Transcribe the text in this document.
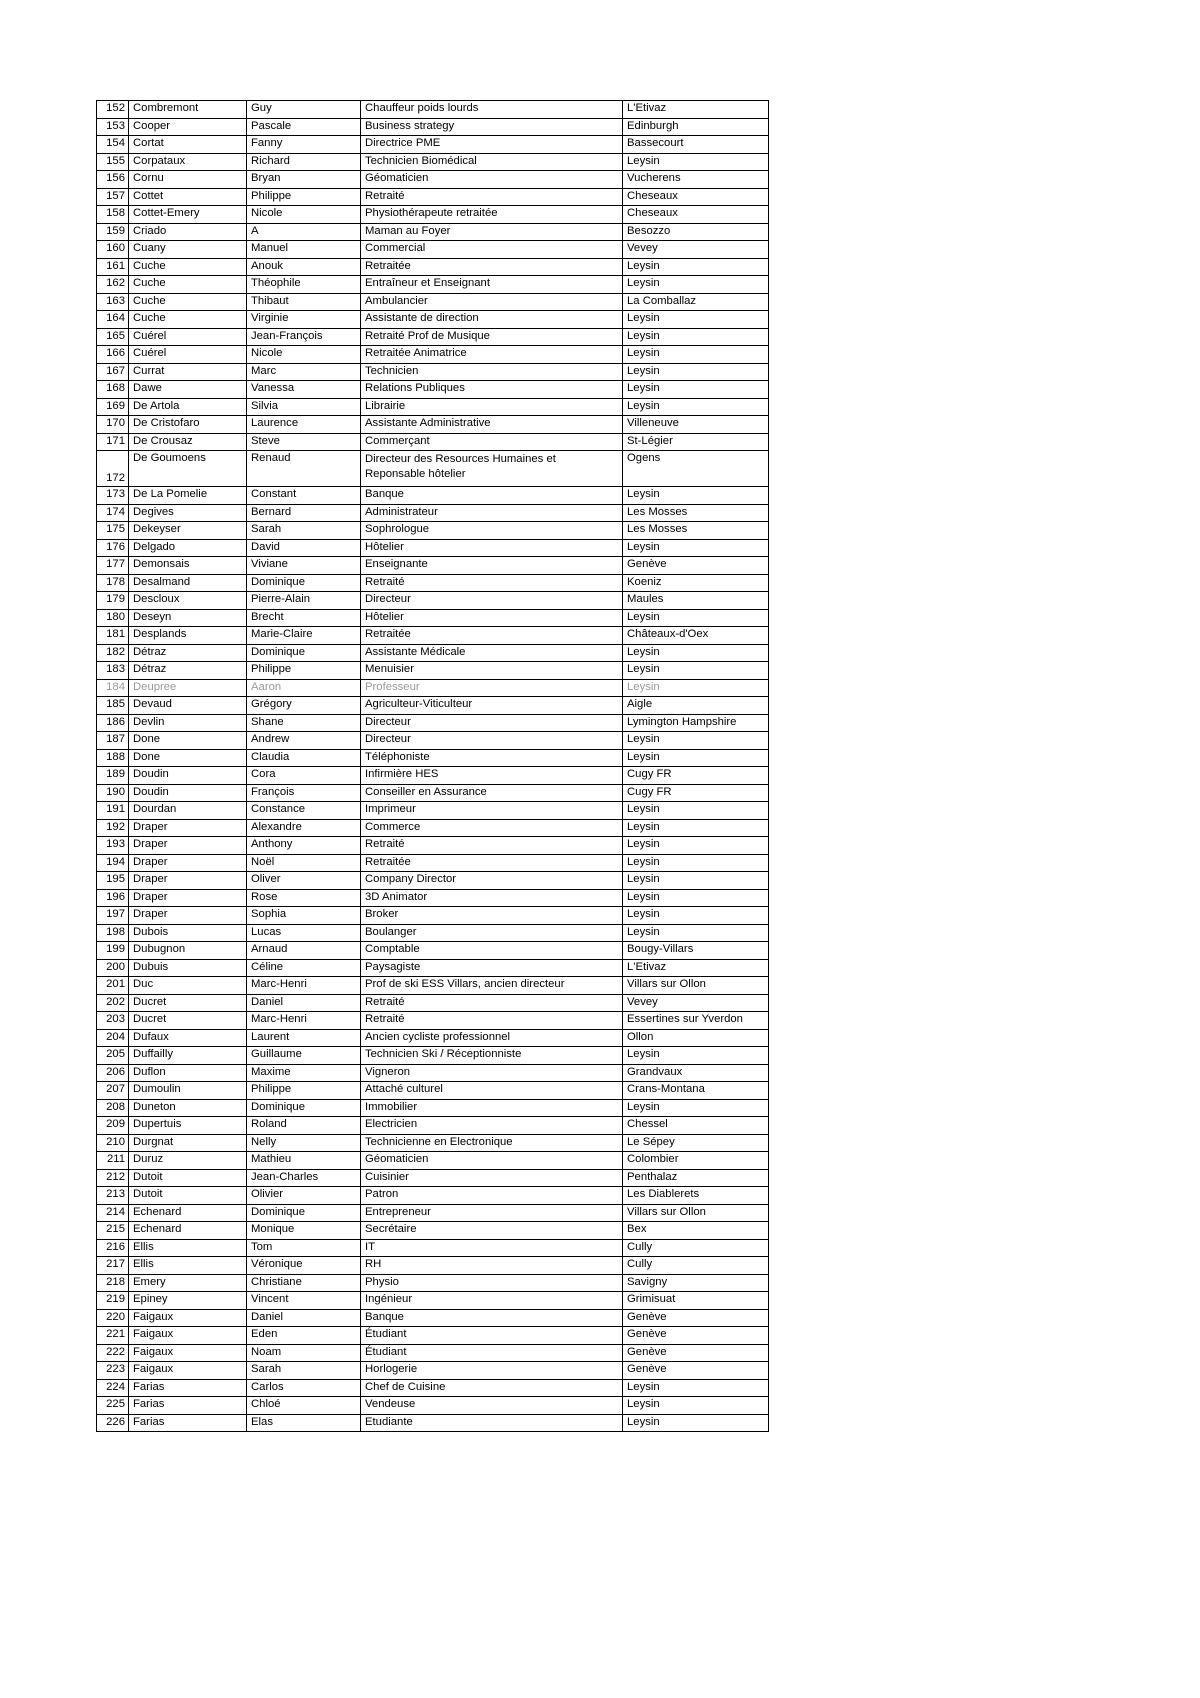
152	Combremont	Guy	Chauffeur poids lourds	L'Etivaz
153	Cooper	Pascale	Business strategy	Edinburgh
154	Cortat	Fanny	Directrice PME	Bassecourt
155	Corpataux	Richard	Technicien Biomédical	Leysin
156	Cornu	Bryan	Géomaticien	Vucherens
157	Cottet	Philippe	Retraité	Cheseaux
158	Cottet-Emery	Nicole	Physiothérapeute retraitée	Cheseaux
159	Criado	A	Maman au Foyer	Besozzo
160	Cuany	Manuel	Commercial	Vevey
161	Cuche	Anouk	Retraitée	Leysin
162	Cuche	Théophile	Entraîneur et Enseignant	Leysin
163	Cuche	Thibaut	Ambulancier	La Comballaz
164	Cuche	Virginie	Assistante de direction	Leysin
165	Cuérel	Jean-François	Retraité Prof de Musique	Leysin
166	Cuérel	Nicole	Retraitée Animatrice	Leysin
167	Currat	Marc	Technicien	Leysin
168	Dawe	Vanessa	Relations Publiques	Leysin
169	De Artola	Silvia	Librairie	Leysin
170	De Cristofaro	Laurence	Assistante Administrative	Villeneuve
171	De Crousaz	Steve	Commerçant	St-Légier
172	De Goumoens	Renaud	Directeur des Resources Humaines et Reponsable hôtelier	Ogens
173	De La Pomelie	Constant	Banque	Leysin
174	Degives	Bernard	Administrateur	Les Mosses
175	Dekeyser	Sarah	Sophrologue	Les Mosses
176	Delgado	David	Hôtelier	Leysin
177	Demonsais	Viviane	Enseignante	Genève
178	Desalmand	Dominique	Retraité	Koeniz
179	Descloux	Pierre-Alain	Directeur	Maules
180	Deseyn	Brecht	Hôtelier	Leysin
181	Desplands	Marie-Claire	Retraitée	Châteaux-d'Oex
182	Détraz	Dominique	Assistante Médicale	Leysin
183	Détraz	Philippe	Menuisier	Leysin
184	Deupree	Aaron	Professeur	Leysin
185	Devaud	Grégory	Agriculteur-Viticulteur	Aigle
186	Devlin	Shane	Directeur	Lymington Hampshire
187	Done	Andrew	Directeur	Leysin
188	Done	Claudia	Téléphoniste	Leysin
189	Doudin	Cora	Infirmière HES	Cugy FR
190	Doudin	François	Conseiller en Assurance	Cugy FR
191	Dourdan	Constance	Imprimeur	Leysin
192	Draper	Alexandre	Commerce	Leysin
193	Draper	Anthony	Retraité	Leysin
194	Draper	Noël	Retraitée	Leysin
195	Draper	Oliver	Company Director	Leysin
196	Draper	Rose	3D Animator	Leysin
197	Draper	Sophia	Broker	Leysin
198	Dubois	Lucas	Boulanger	Leysin
199	Dubugnon	Arnaud	Comptable	Bougy-Villars
200	Dubuis	Céline	Paysagiste	L'Etivaz
201	Duc	Marc-Henri	Prof de ski ESS Villars, ancien directeur	Villars sur Ollon
202	Ducret	Daniel	Retraité	Vevey
203	Ducret	Marc-Henri	Retraité	Essertines sur Yverdon
204	Dufaux	Laurent	Ancien cycliste professionnel	Ollon
205	Duffailly	Guillaume	Technicien Ski / Réceptionniste	Leysin
206	Duflon	Maxime	Vigneron	Grandvaux
207	Dumoulin	Philippe	Attaché culturel	Crans-Montana
208	Duneton	Dominique	Immobilier	Leysin
209	Dupertuis	Roland	Electricien	Chessel
210	Durgnat	Nelly	Technicienne en Electronique	Le Sépey
211	Duruz	Mathieu	Géomaticien	Colombier
212	Dutoit	Jean-Charles	Cuisinier	Penthalaz
213	Dutoit	Olivier	Patron	Les Diablerets
214	Echenard	Dominique	Entrepreneur	Villars sur Ollon
215	Echenard	Monique	Secrétaire	Bex
216	Ellis	Tom	IT	Cully
217	Ellis	Véronique	RH	Cully
218	Emery	Christiane	Physio	Savigny
219	Epiney	Vincent	Ingénieur	Grimisuat
220	Faigaux	Daniel	Banque	Genève
221	Faigaux	Eden	Étudiant	Genève
222	Faigaux	Noam	Étudiant	Genève
223	Faigaux	Sarah	Horlogerie	Genève
224	Farias	Carlos	Chef de Cuisine	Leysin
225	Farias	Chloé	Vendeuse	Leysin
226	Farias	Elas	Etudiante	Leysin
